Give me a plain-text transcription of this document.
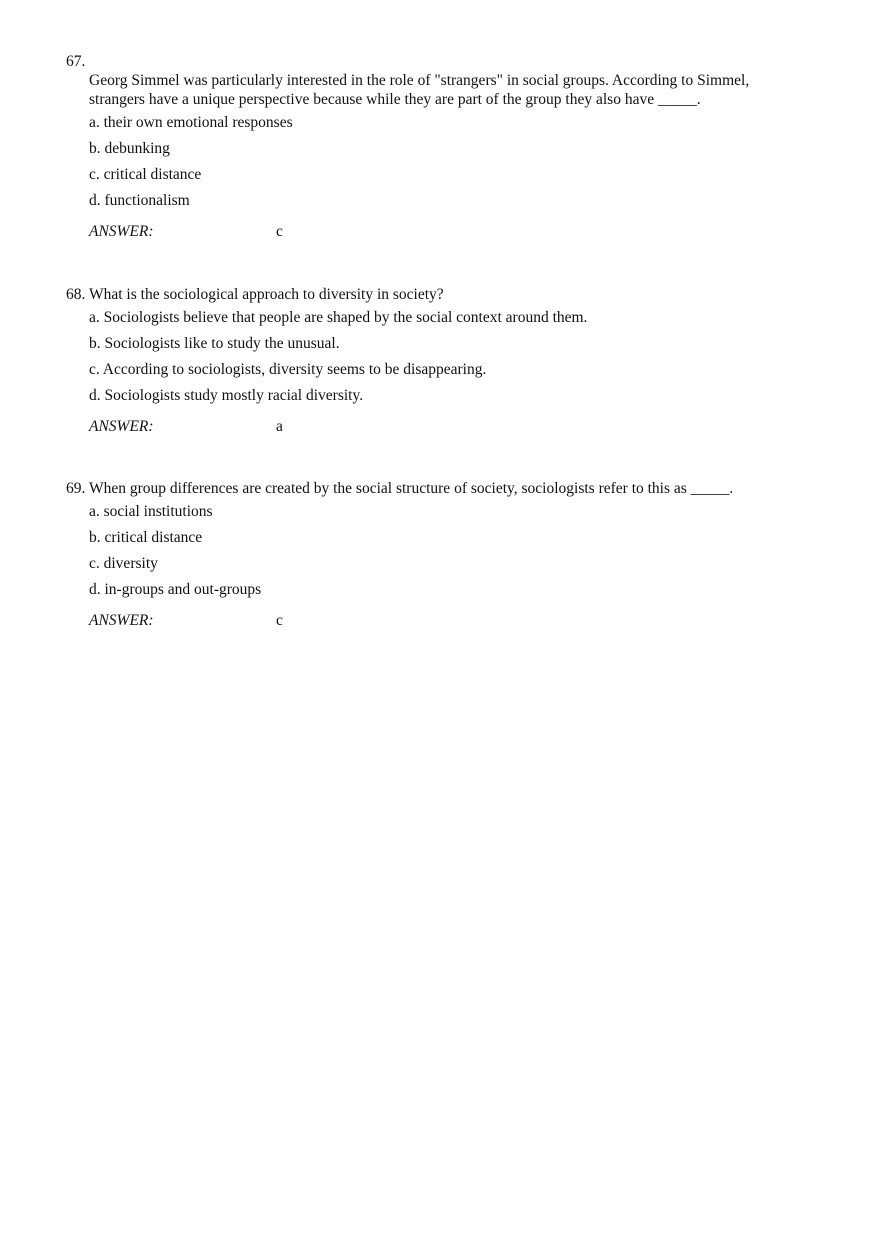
67.
Georg Simmel was particularly interested in the role of "strangers" in social groups. According to Simmel,
strangers have a unique perspective because while they are part of the group they also have _____.
a. their own emotional responses
b. debunking
c. critical distance
d. functionalism
ANSWER:	c
68. What is the sociological approach to diversity in society?
a. Sociologists believe that people are shaped by the social context around them.
b. Sociologists like to study the unusual.
c. According to sociologists, diversity seems to be disappearing.
d. Sociologists study mostly racial diversity.
ANSWER:	a
69. When group differences are created by the social structure of society, sociologists refer to this as _____.
a. social institutions
b. critical distance
c. diversity
d. in-groups and out-groups
ANSWER:	c
